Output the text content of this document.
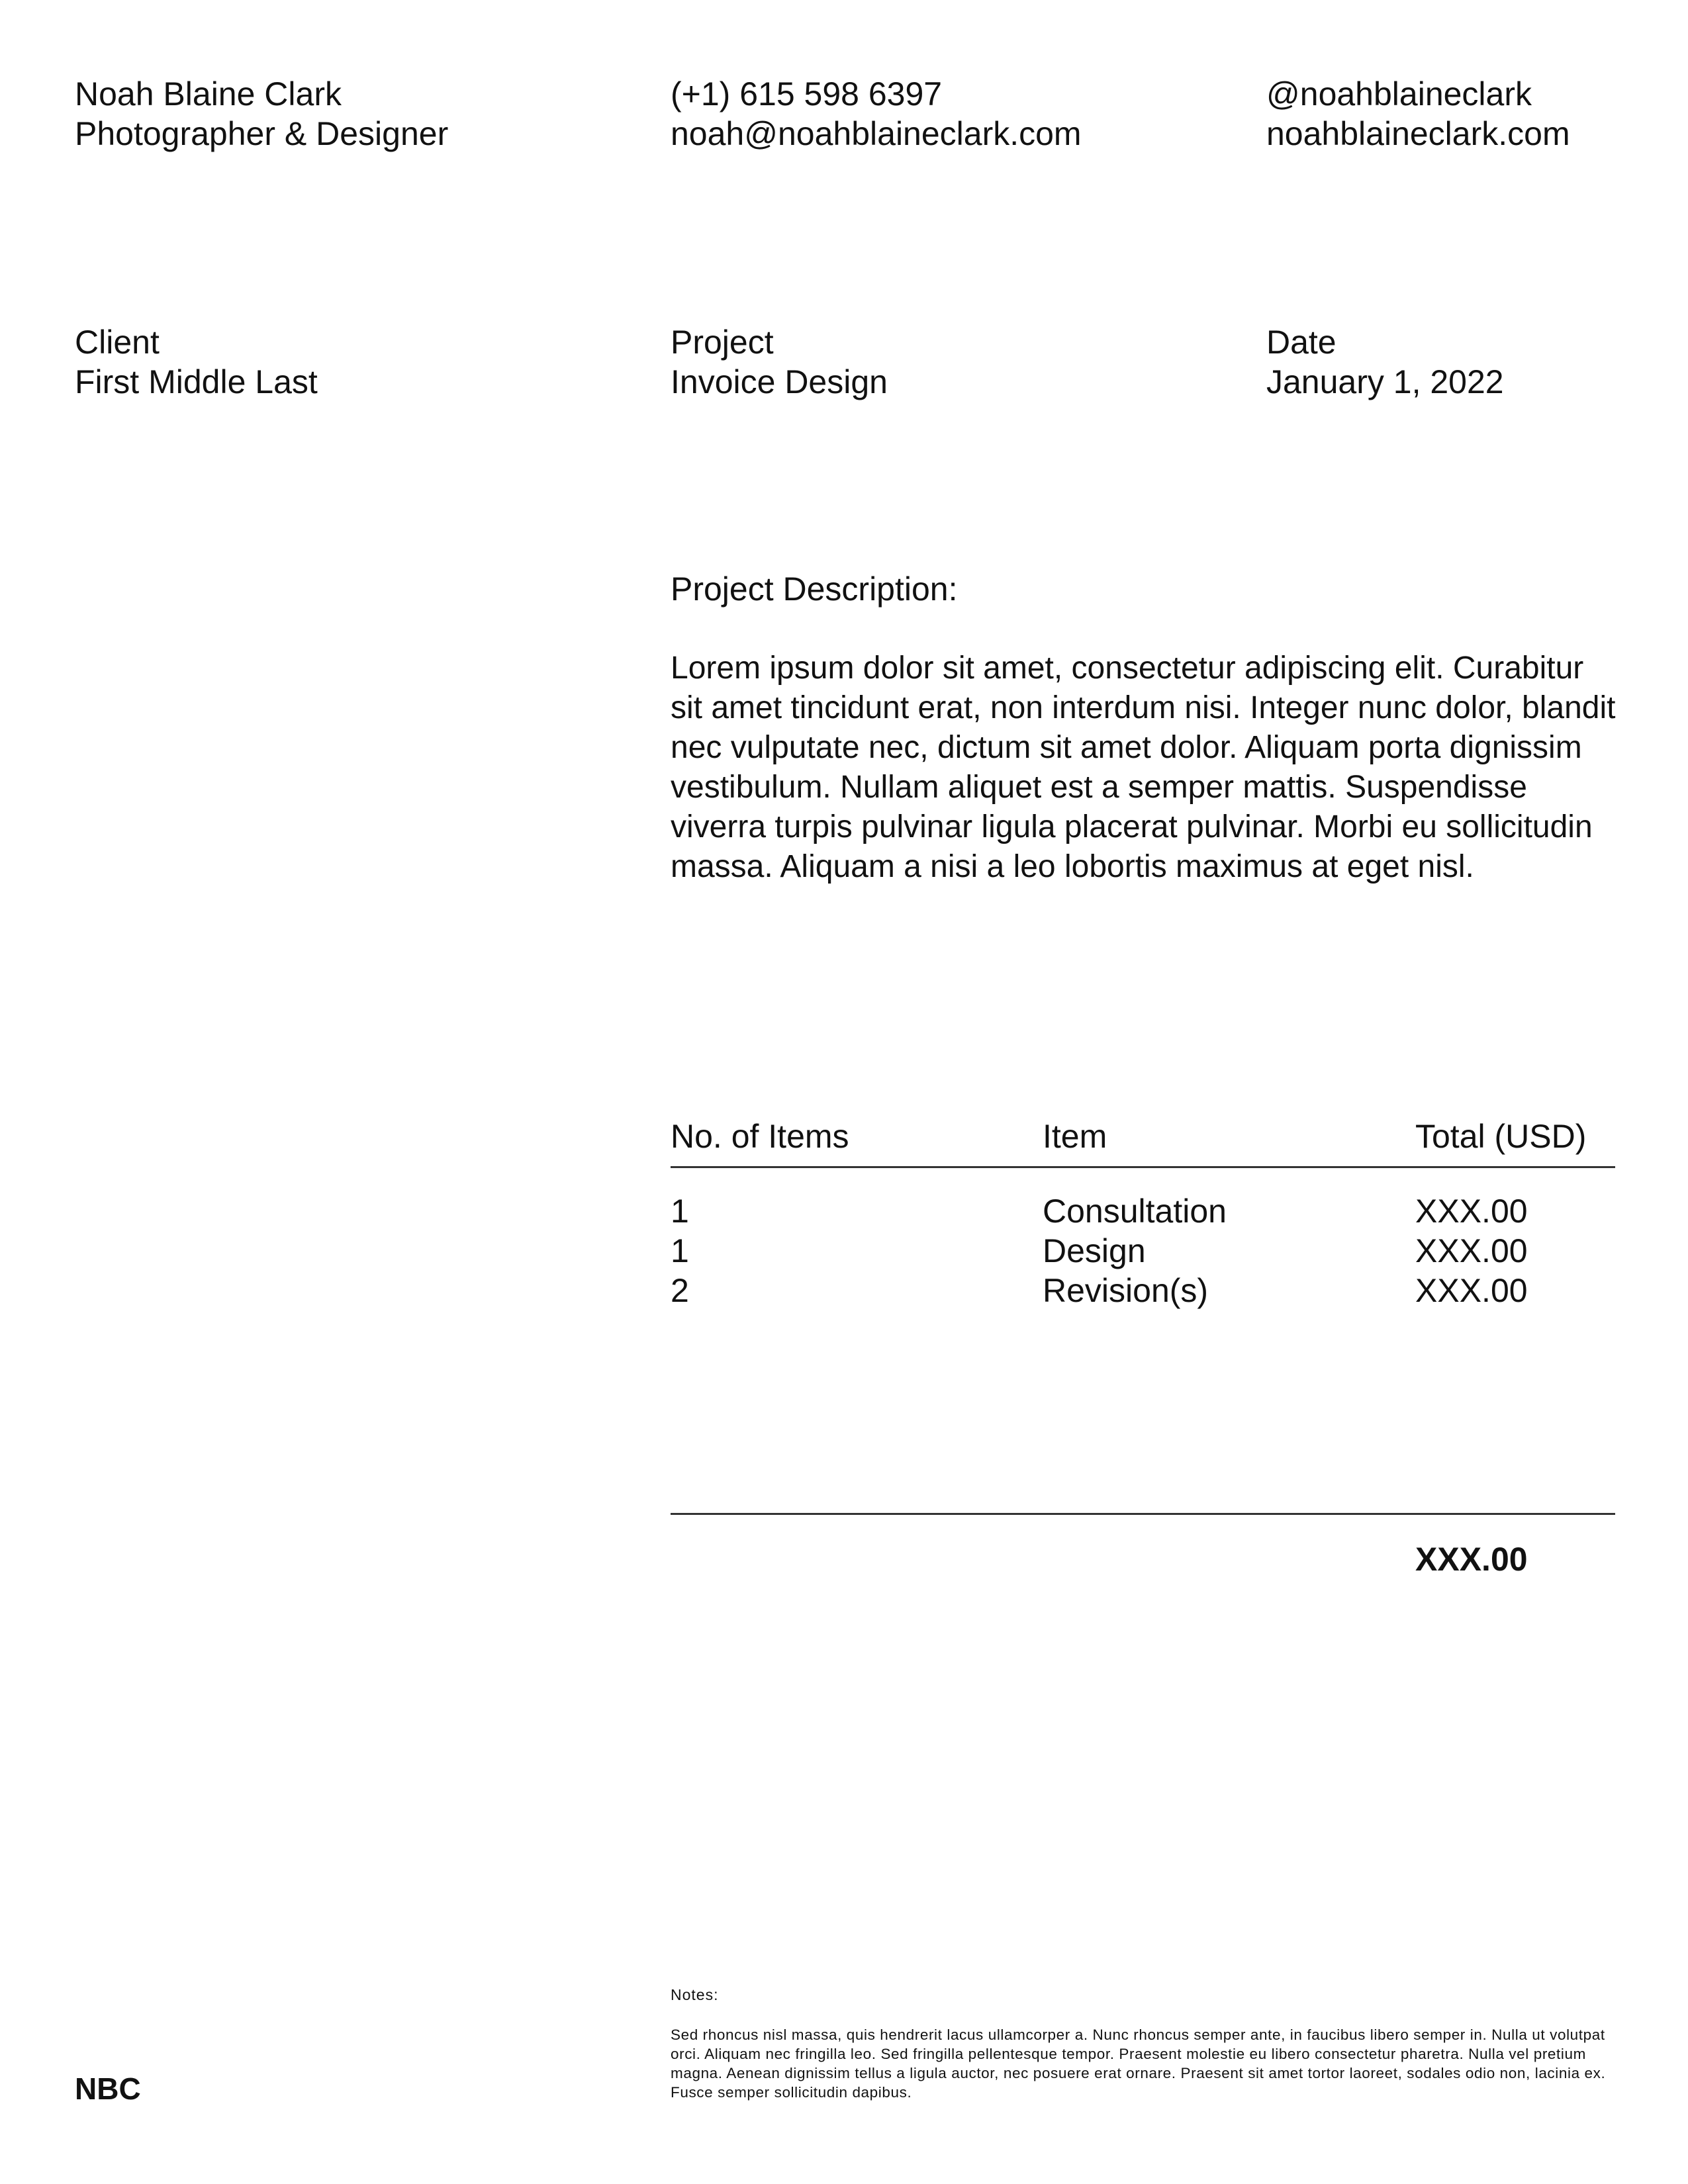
Noah Blaine Clark
Photographer & Designer
(+1) 615 598 6397
noah@noahblaineclark.com
@noahblaineclark
noahblaineclark.com
Client
First Middle Last
Project
Invoice Design
Date
January 1, 2022
Project Description:
Lorem ipsum dolor sit amet, consectetur adipiscing elit. Curabitur sit amet tincidunt erat, non interdum nisi. Integer nunc dolor, blandit nec vulputate nec, dictum sit amet dolor. Aliquam porta dignissim vestibulum. Nullam aliquet est a semper mattis. Suspendisse viverra turpis pulvinar ligula placerat pulvinar. Morbi eu sollicitudin massa. Aliquam a nisi a leo lobortis maximus at eget nisl.
No. of Items	Item	Total (USD)
1
1
2
Consultation
Design
Revision(s)
XXX.00
XXX.00
XXX.00
XXX.00
Notes:
Sed rhoncus nisl massa, quis hendrerit lacus ullamcorper a. Nunc rhoncus semper ante, in faucibus libero semper in. Nulla ut volutpat orci. Aliquam nec fringilla leo. Sed fringilla pellentesque tempor. Praesent molestie eu libero consectetur pharetra. Nulla vel pretium magna. Aenean dignissim tellus a ligula auctor, nec posuere erat ornare. Praesent sit amet tortor laoreet, sodales odio non, lacinia ex. Fusce semper sollicitudin dapibus.
NBC
